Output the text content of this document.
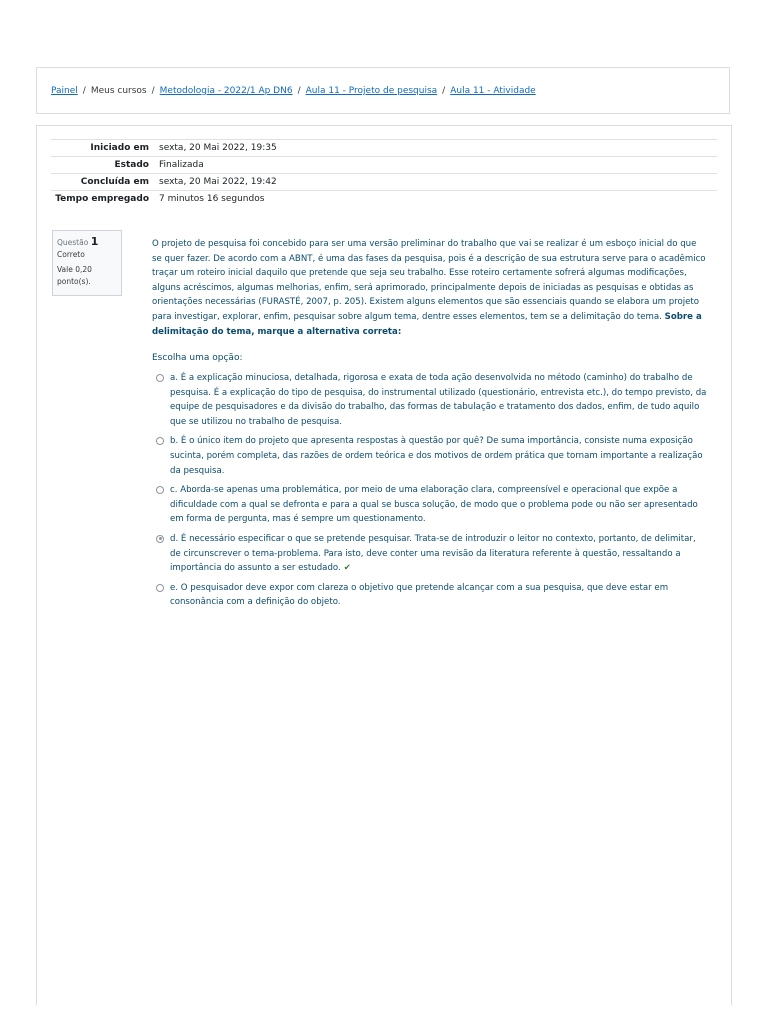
Painel / Meus cursos / Metodologia - 2022/1 Ap DN6 / Aula 11 - Projeto de pesquisa / Aula 11 - Atividade
Iniciado em	sexta, 20 Mai 2022, 19:35
Estado	Finalizada
Concluída em	sexta, 20 Mai 2022, 19:42
Tempo empregado	7 minutos 16 segundos
Questão 1
Correto
Vale 0,20 ponto(s).
O projeto de pesquisa foi concebido para ser uma versão preliminar do trabalho que vai se realizar é um esboço inicial do que se quer fazer. De acordo com a ABNT, é uma das fases da pesquisa, pois é a descrição de sua estrutura serve para o acadêmico traçar um roteiro inicial daquilo que pretende que seja seu trabalho. Esse roteiro certamente sofrerá algumas modificações, alguns acréscimos, algumas melhorias, enfim, será aprimorado, principalmente depois de iniciadas as pesquisas e obtidas as orientações necessárias (FURASTÉ, 2007, p. 205). Existem alguns elementos que são essenciais quando se elabora um projeto para investigar, explorar, enfim, pesquisar sobre algum tema, dentre esses elementos, tem se a delimitação do tema. Sobre a delimitação do tema, marque a alternativa correta:
Escolha uma opção:
a. É a explicação minuciosa, detalhada, rigorosa e exata de toda ação desenvolvida no método (caminho) do trabalho de pesquisa. É a explicação do tipo de pesquisa, do instrumental utilizado (questionário, entrevista etc.), do tempo previsto, da equipe de pesquisadores e da divisão do trabalho, das formas de tabulação e tratamento dos dados, enfim, de tudo aquilo que se utilizou no trabalho de pesquisa.
b. É o único item do projeto que apresenta respostas à questão por quê? De suma importância, consiste numa exposição sucinta, porém completa, das razões de ordem teórica e dos motivos de ordem prática que tornam importante a realização da pesquisa.
c. Aborda-se apenas uma problemática, por meio de uma elaboração clara, compreensível e operacional que expõe a dificuldade com a qual se defronta e para a qual se busca solução, de modo que o problema pode ou não ser apresentado em forma de pergunta, mas é sempre um questionamento.
d. É necessário especificar o que se pretende pesquisar. Trata-se de introduzir o leitor no contexto, portanto, de delimitar, de circunscrever o tema-problema. Para isto, deve conter uma revisão da literatura referente à questão, ressaltando a importância do assunto a ser estudado. ✔
e. O pesquisador deve expor com clareza o objetivo que pretende alcançar com a sua pesquisa, que deve estar em consonância com a definição do objeto.
